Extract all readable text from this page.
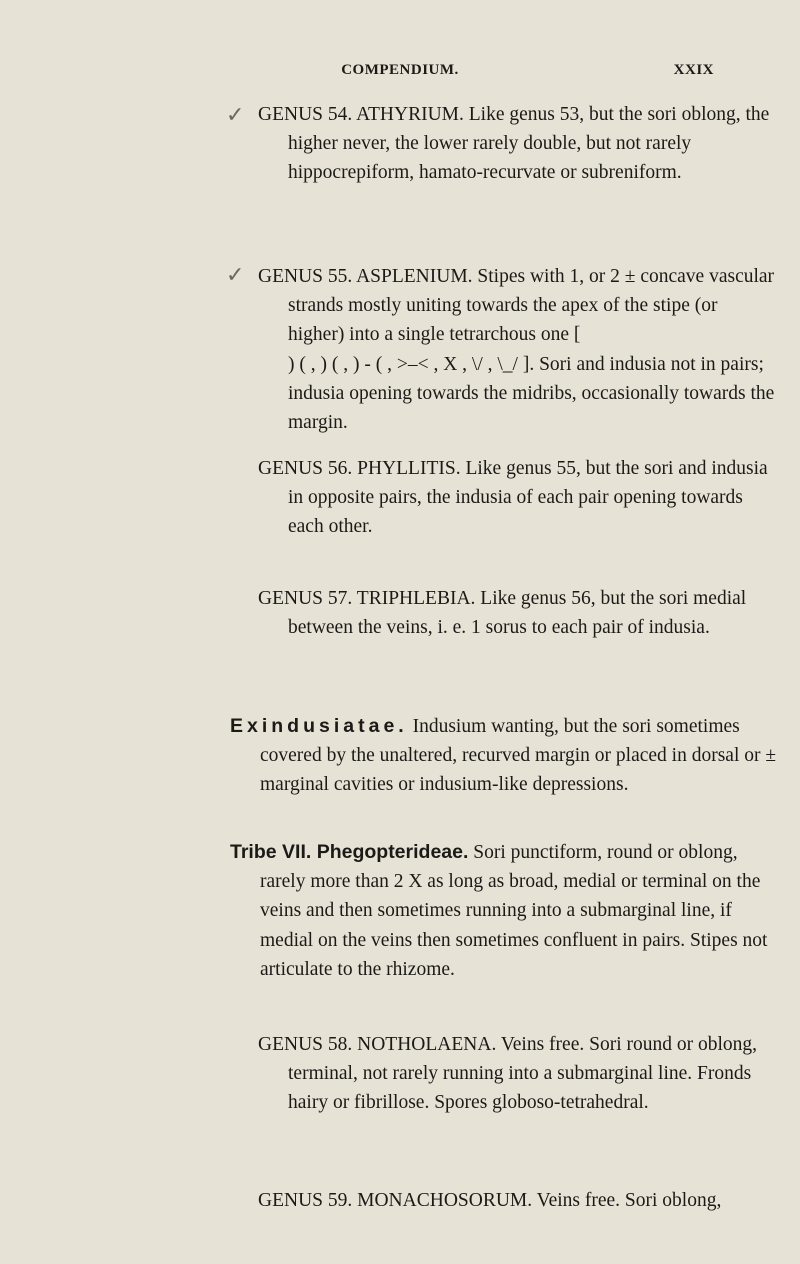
COMPENDIUM.	XXIX
✓
✓

GENUS 54. ATHYRIUM. Like genus 53, but the sori oblong, the higher never, the lower rarely double, but not rarely hippocrepiform, hamato-recurvate or subreniform.

GENUS 55. ASPLENIUM. Stipes with 1, or 2 ± concave vascular strands mostly uniting towards the apex of the stipe (or higher) into a single tetrarchous one [ ) ( , ) ( , ) - ( , >–< , X , \/ , \_/ ]. Sori and indusia not in pairs; indusia opening towards the midribs, occasionally towards the margin.

GENUS 56. PHYLLITIS. Like genus 55, but the sori and indusia in opposite pairs, the indusia of each pair opening towards each other.

GENUS 57. TRIPHLEBIA. Like genus 56, but the sori medial between the veins, i. e. 1 sorus to each pair of indusia.

Exindusiatae. Indusium wanting, but the sori sometimes covered by the unaltered, recurved margin or placed in dorsal or ± marginal cavities or indusium-like depressions.

Tribe VII. Phegopterideae. Sori punctiform, round or oblong, rarely more than 2 X as long as broad, medial or terminal on the veins and then sometimes running into a submarginal line, if medial on the veins then sometimes confluent in pairs. Stipes not articulate to the rhizome.

GENUS 58. NOTHOLAENA. Veins free. Sori round or oblong, terminal, not rarely running into a submarginal line. Fronds hairy or fibrillose. Spores globoso-tetrahedral.

GENUS 59. MONACHOSORUM. Veins free. Sori oblong,
